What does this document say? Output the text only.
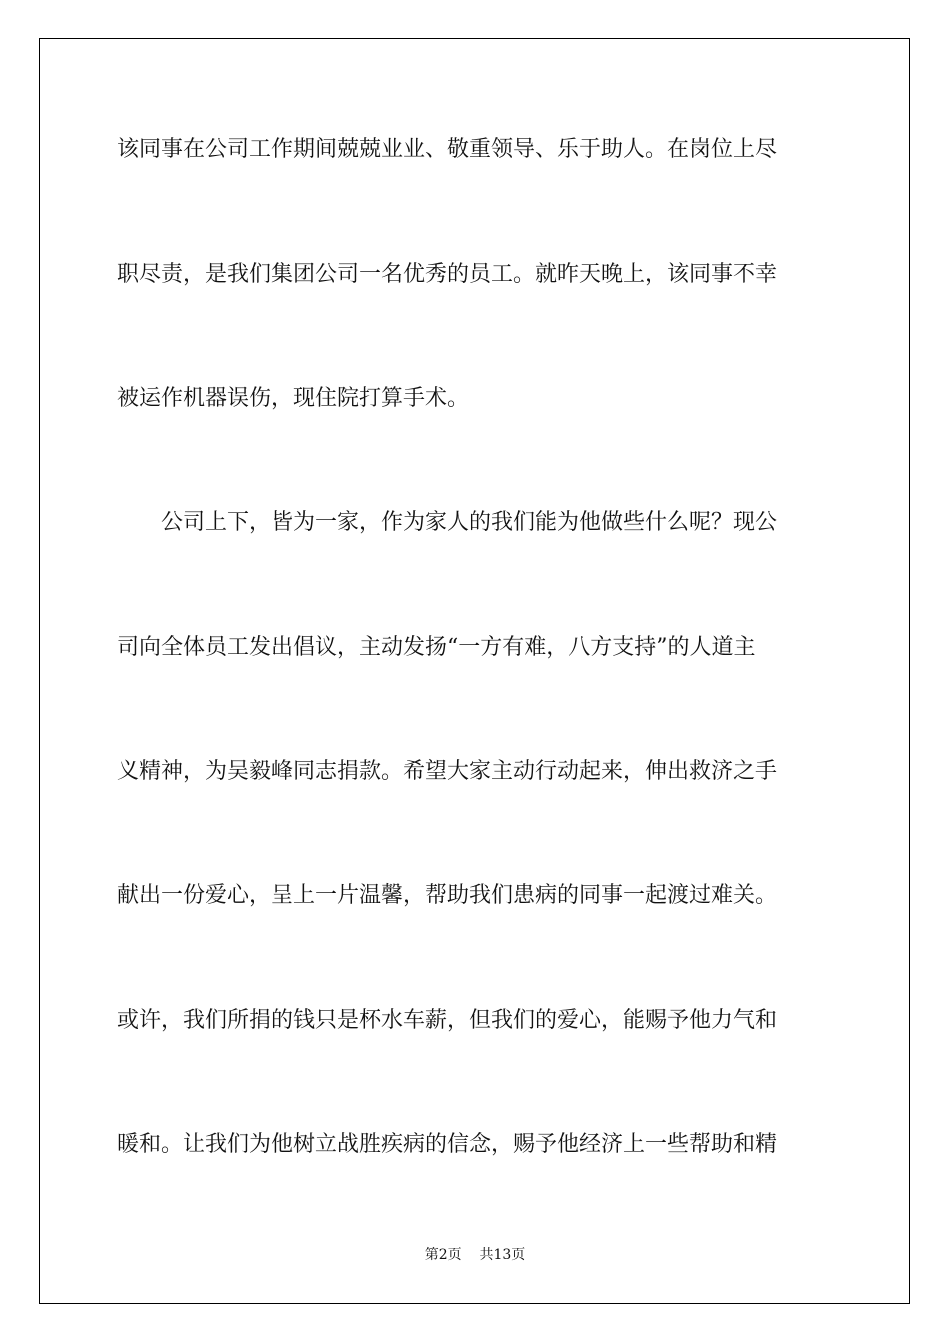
该同事在公司工作期间兢兢业业、敬重领导、乐于助人。在岗位上尽
职尽责，是我们集团公司一名优秀的员工。就昨天晚上，该同事不幸
被运作机器误伤，现住院打算手术。
公司上下，皆为一家，作为家人的我们能为他做些什么呢？现公
司向全体员工发出倡议，主动发扬“一方有难，八方支持”的人道主
义精神，为吴毅峰同志捐款。希望大家主动行动起来，伸出救济之手
献出一份爱心，呈上一片温馨，帮助我们患病的同事一起渡过难关。
或许，我们所捐的钱只是杯水车薪，但我们的爱心，能赐予他力气和
暖和。让我们为他树立战胜疾病的信念，赐予他经济上一些帮助和精
第2页 共13页
